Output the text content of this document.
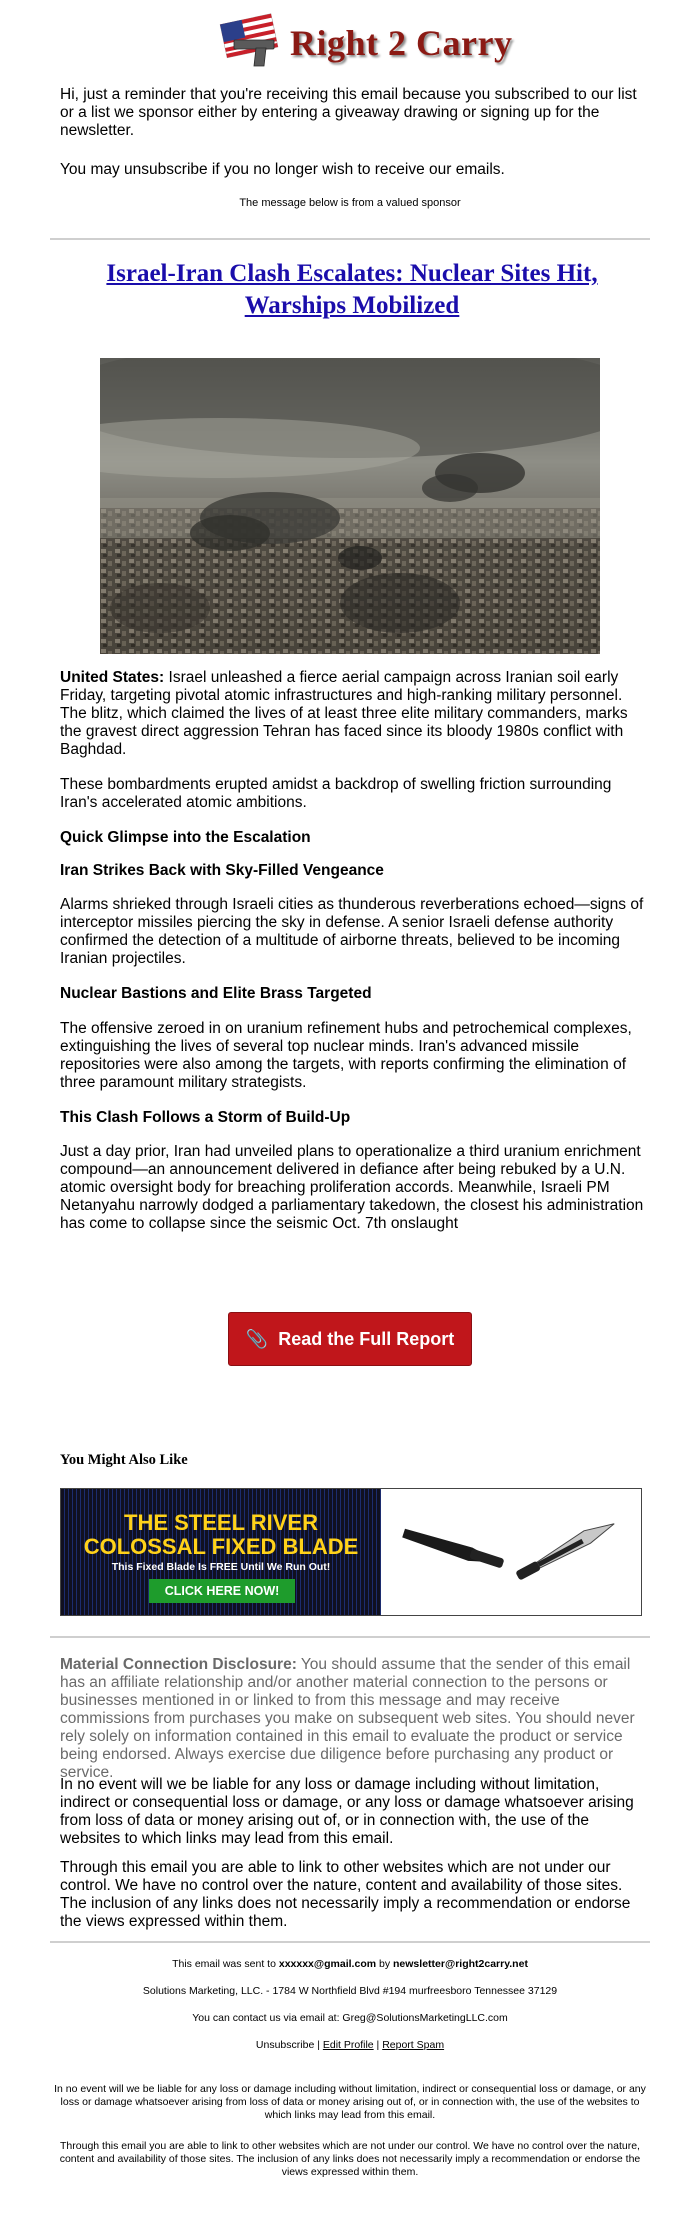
Right 2 Carry
Hi, just a reminder that you're receiving this email because you subscribed to our list or a list we sponsor either by entering a giveaway drawing or signing up for the newsletter.
You may unsubscribe if you no longer wish to receive our emails.
The message below is from a valued sponsor
Israel-Iran Clash Escalates: Nuclear Sites Hit, Warships Mobilized
United States: Israel unleashed a fierce aerial campaign across Iranian soil early Friday, targeting pivotal atomic infrastructures and high-ranking military personnel. The blitz, which claimed the lives of at least three elite military commanders, marks the gravest direct aggression Tehran has faced since its bloody 1980s conflict with Baghdad.
These bombardments erupted amidst a backdrop of swelling friction surrounding Iran's accelerated atomic ambitions.
Quick Glimpse into the Escalation
Iran Strikes Back with Sky-Filled Vengeance
Alarms shrieked through Israeli cities as thunderous reverberations echoed—signs of interceptor missiles piercing the sky in defense. A senior Israeli defense authority confirmed the detection of a multitude of airborne threats, believed to be incoming Iranian projectiles.
Nuclear Bastions and Elite Brass Targeted
The offensive zeroed in on uranium refinement hubs and petrochemical complexes, extinguishing the lives of several top nuclear minds. Iran's advanced missile repositories were also among the targets, with reports confirming the elimination of three paramount military strategists.
This Clash Follows a Storm of Build-Up
Just a day prior, Iran had unveiled plans to operationalize a third uranium enrichment compound—an announcement delivered in defiance after being rebuked by a U.N. atomic oversight body for breaching proliferation accords. Meanwhile, Israeli PM Netanyahu narrowly dodged a parliamentary takedown, the closest his administration has come to collapse since the seismic Oct. 7th onslaught
📎 Read the Full Report
You Might Also Like
THE STEEL RIVER
COLOSSAL FIXED BLADE
This Fixed Blade Is FREE Until We Run Out!
CLICK HERE NOW!
Material Connection Disclosure: You should assume that the sender of this email has an affiliate relationship and/or another material connection to the persons or businesses mentioned in or linked to from this message and may receive commissions from purchases you make on subsequent web sites. You should never rely solely on information contained in this email to evaluate the product or service being endorsed. Always exercise due diligence before purchasing any product or service.
In no event will we be liable for any loss or damage including without limitation, indirect or consequential loss or damage, or any loss or damage whatsoever arising from loss of data or money arising out of, or in connection with, the use of the websites to which links may lead from this email.
Through this email you are able to link to other websites which are not under our control. We have no control over the nature, content and availability of those sites. The inclusion of any links does not necessarily imply a recommendation or endorse the views expressed within them.
This email was sent to xxxxxx@gmail.com by newsletter@right2carry.net
Solutions Marketing, LLC. - 1784 W Northfield Blvd #194 murfreesboro Tennessee 37129
You can contact us via email at: Greg@SolutionsMarketingLLC.com
Unsubscribe | Edit Profile | Report Spam
In no event will we be liable for any loss or damage including without limitation, indirect or consequential loss or damage, or any loss or damage whatsoever arising from loss of data or money arising out of, or in connection with, the use of the websites to which links may lead from this email.
Through this email you are able to link to other websites which are not under our control. We have no control over the nature, content and availability of those sites. The inclusion of any links does not necessarily imply a recommendation or endorse the views expressed within them.
